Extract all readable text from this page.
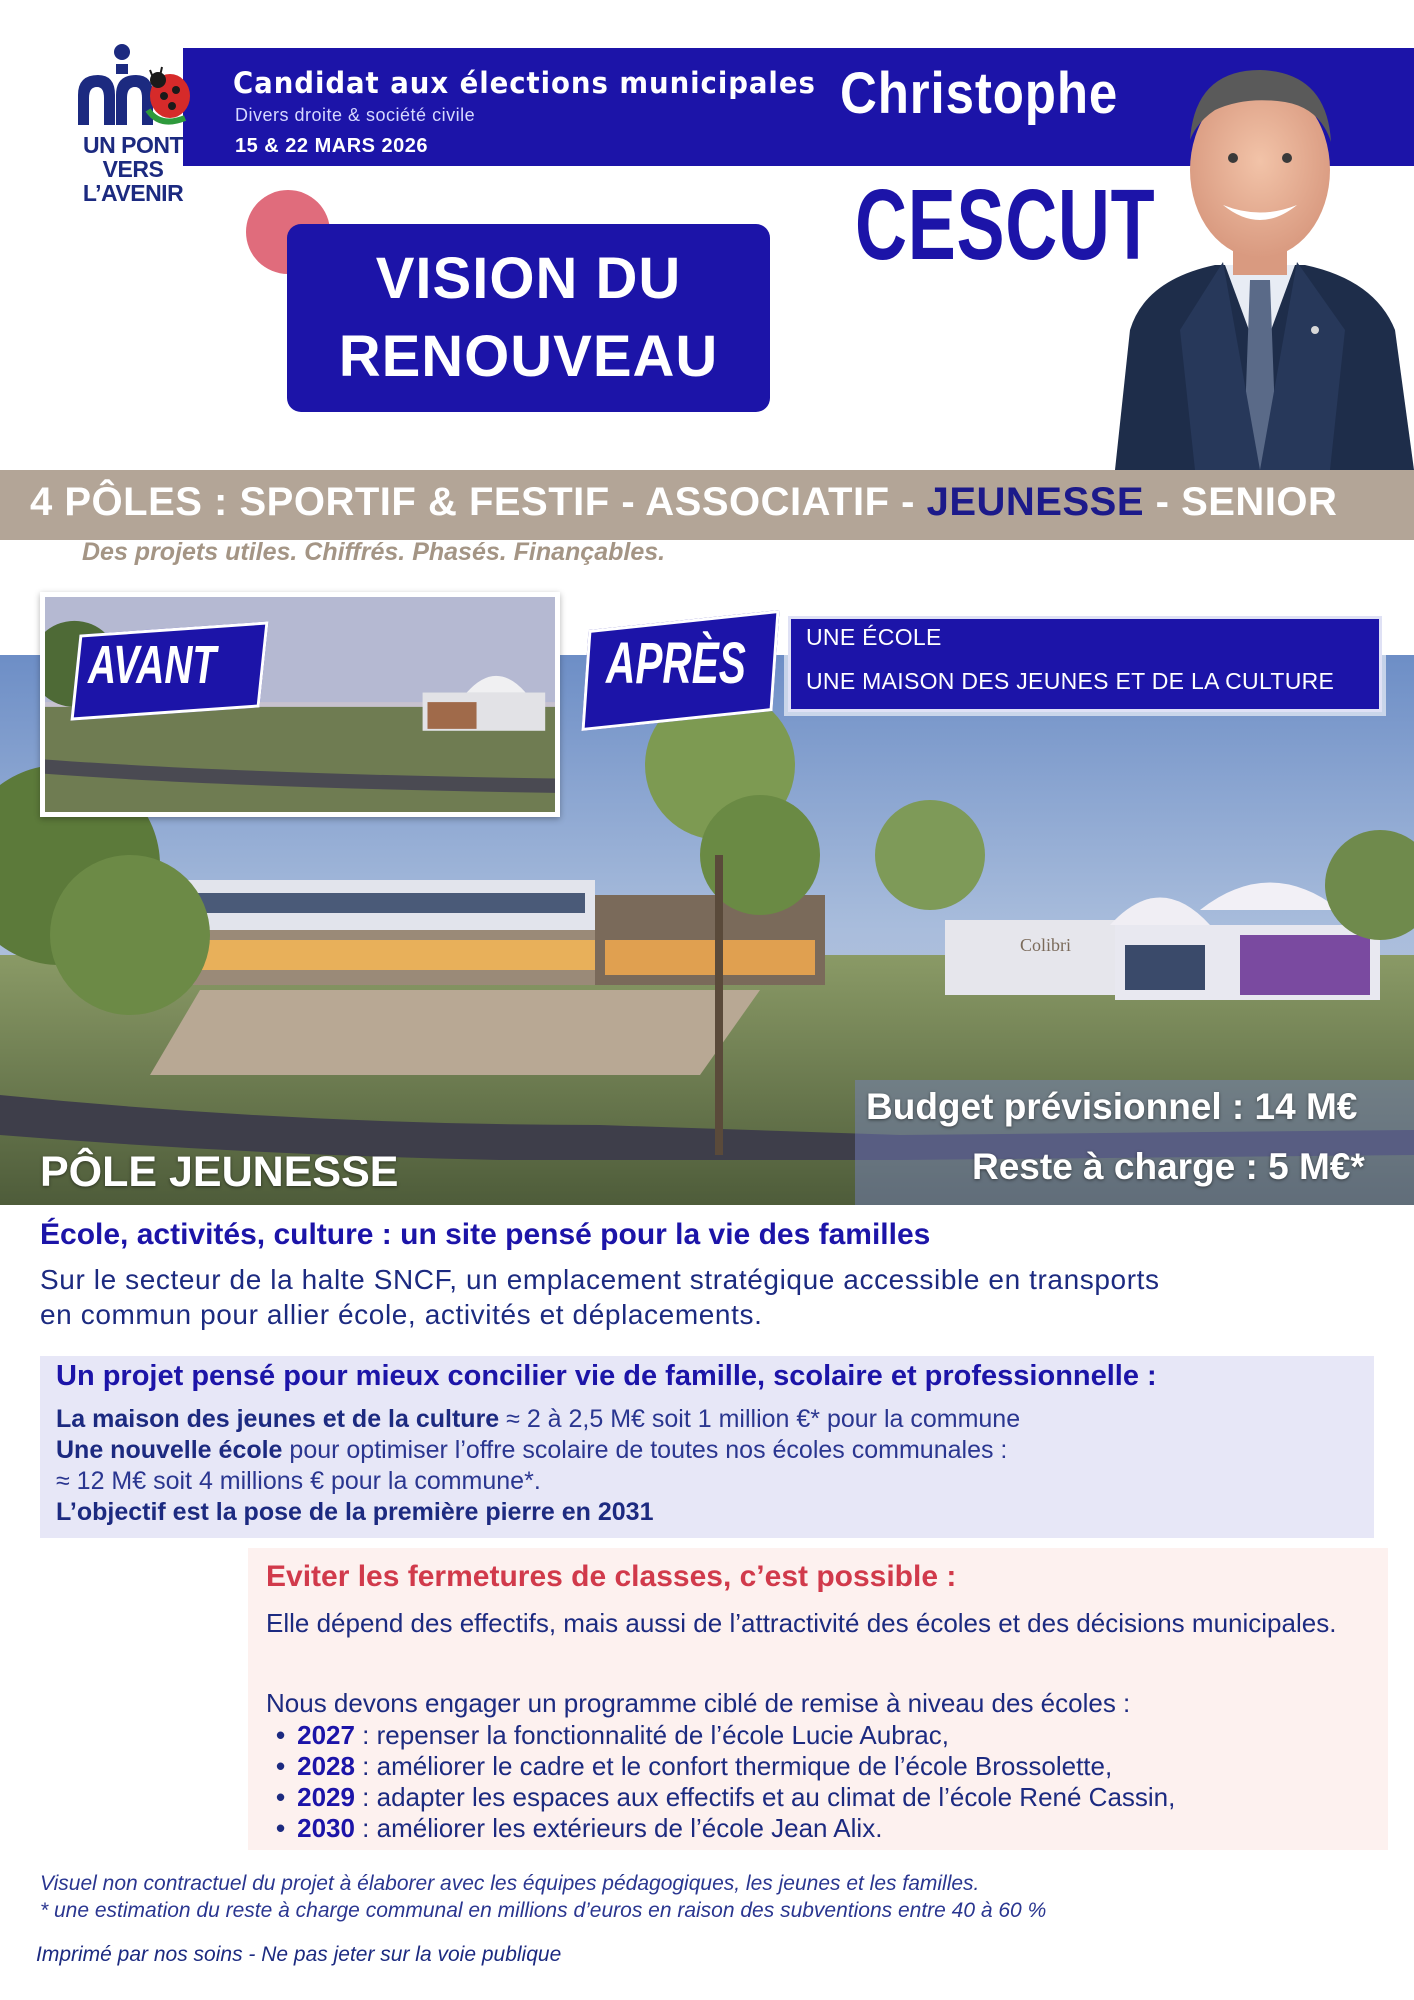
UN PONT VERS
L’AVENIR
Candidat aux élections municipales
Divers droite & société civile
15 & 22 MARS 2026
Christophe
CESCUT
VISION DU
RENOUVEAU
4 PÔLES : SPORTIF & FESTIF - ASSOCIATIF - JEUNESSE - SENIOR
Des projets utiles. Chiffrés. Phasés. Finançables.
Colibri
AVANT	APRÈS	UNE ÉCOLE
UNE MAISON DES JEUNES ET DE LA CULTURE
Budget prévisionnel : 14 M€
Reste à charge : 5 M€*
PÔLE JEUNESSE
École, activités, culture : un site pensé pour la vie des familles
Sur le secteur de la halte SNCF, un emplacement stratégique accessible en transports en commun pour allier école, activités et déplacements.
Un projet pensé pour mieux concilier vie de famille, scolaire et professionnelle :
La maison des jeunes et de la culture ≈ 2 à 2,5 M€ soit 1 million €* pour la commune
Une nouvelle école pour optimiser l’offre scolaire de toutes nos écoles communales :
≈ 12 M€ soit 4 millions € pour la commune*.
L’objectif est la pose de la première pierre en 2031
Eviter les fermetures de classes, c’est possible :
Elle dépend des effectifs, mais aussi de l’attractivité des écoles et des décisions municipales.
Nous devons engager un programme ciblé de remise à niveau des écoles :
• 2027 : repenser la fonctionnalité de l’école Lucie Aubrac,
• 2028 : améliorer le cadre et le confort thermique de l’école Brossolette,
• 2029 : adapter les espaces aux effectifs et au climat de l’école René Cassin,
• 2030 : améliorer les extérieurs de l’école Jean Alix.
Visuel non contractuel du projet à élaborer avec les équipes pédagogiques, les jeunes et les familles.
* une estimation du reste à charge communal en millions d’euros en raison des subventions entre 40 à 60 %
Imprimé par nos soins - Ne pas jeter sur la voie publique
